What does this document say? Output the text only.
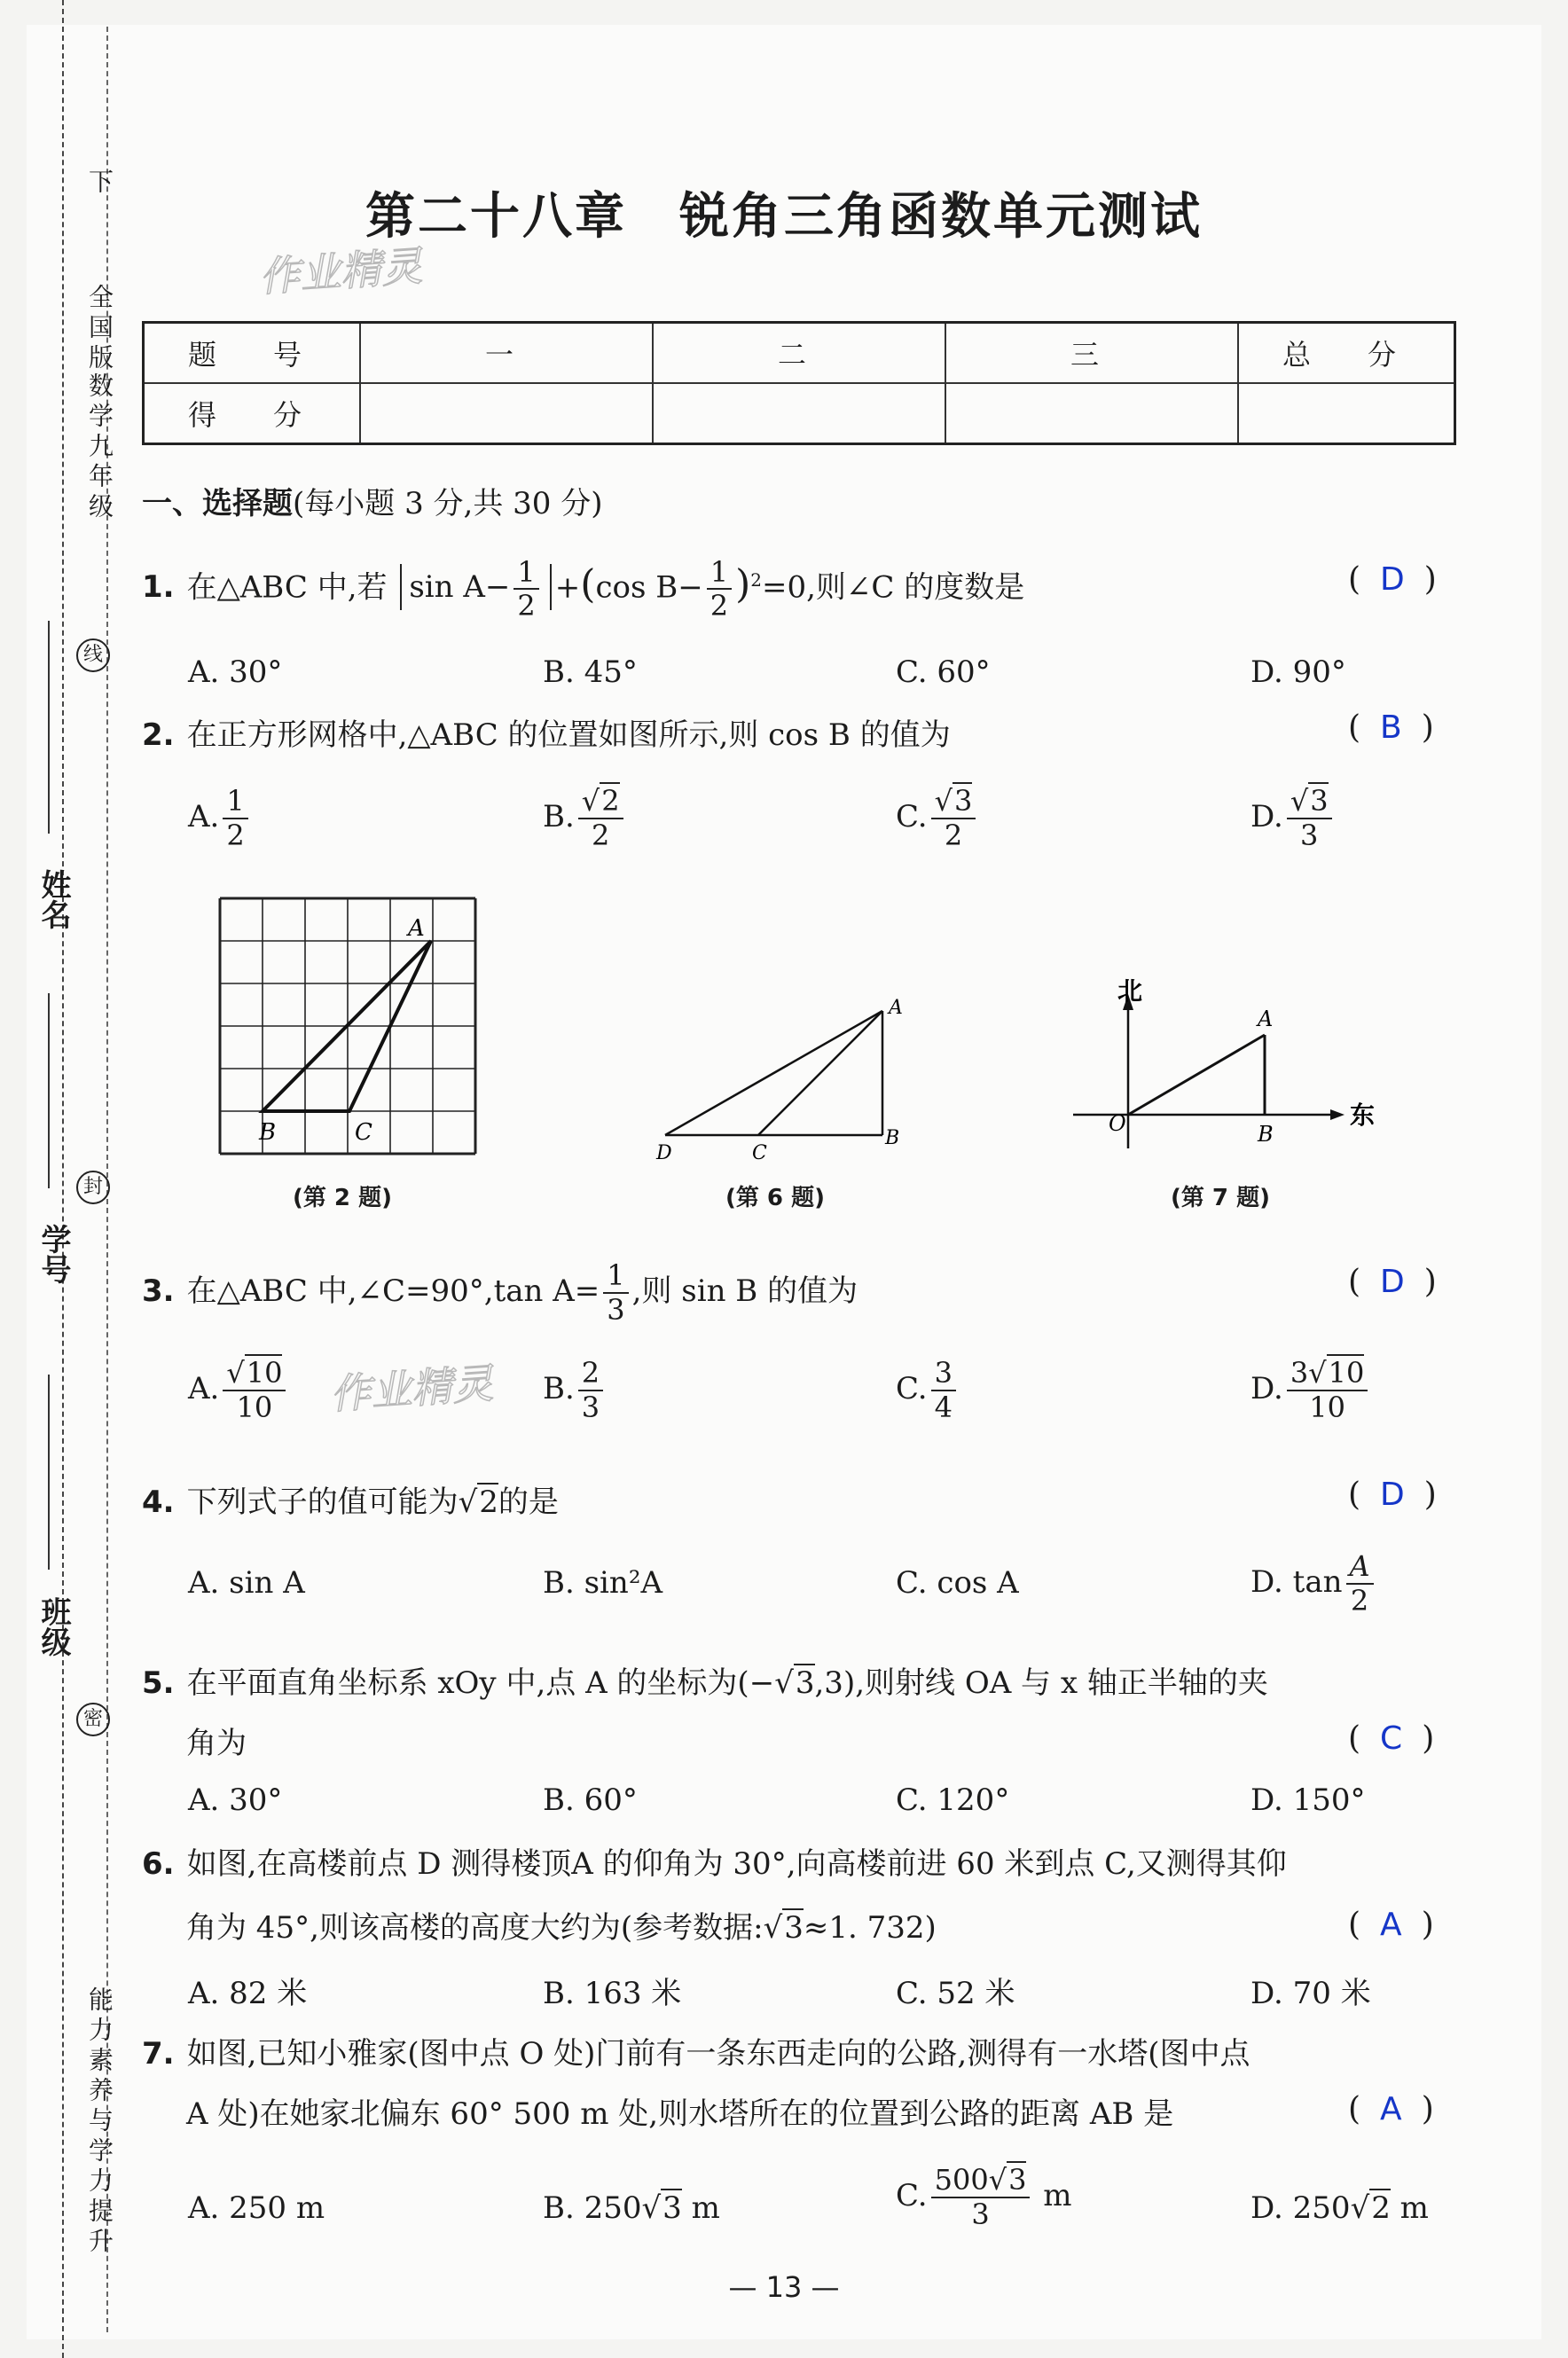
下
全国版
数学九年级
能力素养与学力提升
线
封
密
姓名
学号
班级
第二十八章　锐角三角函数单元测试
作业精灵
作业精灵
题　号	一	二	三	总　分
得　分				
一、选择题(每小题 3 分,共 30 分)
1. 在△ABC 中,若 $\sin A- \frac{1}{2} +(\cos$ $B- \frac{1}{2} )^2=0$,则∠C 的度数是	( D )
A. 30°	B. 45°	C. 60°	D. 90°
2. 在正方形网格中,△ABC 的位置如图所示,则 cos B 的值为	( B )
A. $\frac{1}{2}$	B. $\frac{√2}{2}$	C. $\frac{√3}{2}$	D. $\frac{√3}{3}$
A
B	C
(第 2 题)
A
B
C
D
(第 6 题)
北
东
A
B
O
(第 7 题)
3. 在△ABC 中,∠C=90°,tan $A= \frac{1}{3}$ ,则 sin B 的值为	( D )
A. $\frac{√10}{10}$	B. $\frac{2}{3}$	C. $\frac{3}{4}$	D. $\frac{3√10}{10}$
4. 下列式子的值可能为√2的是	( D )
A. sin A	B. sin²A	C. cos A	D. $\tan \frac{A}{2}$
5. 在平面直角坐标系 xOy 中,点 A 的坐标为(−√3,3),则射线 OA 与 x 轴正半轴的夹
角为	( C )
A. 30°	B. 60°	C. 120°	D. 150°
6. 如图,在高楼前点 D 测得楼顶A 的仰角为 30°,向高楼前进 60 米到点 C,又测得其仰
角为 45°,则该高楼的高度大约为(参考数据:√3≈1. 732)	( A )
A. 82 米	B. 163 米	C. 52 米	D. 70 米
7. 如图,已知小雅家(图中点 O 处)门前有一条东西走向的公路,测得有一水塔(图中点
A 处)在她家北偏东 60° 500 m 处,则水塔所在的位置到公路的距离 AB 是	( A )
A. 250 m	B. 250√3 m	C. $\frac{500√3}{3}$ m	D. 250√2 m
— 13 —
